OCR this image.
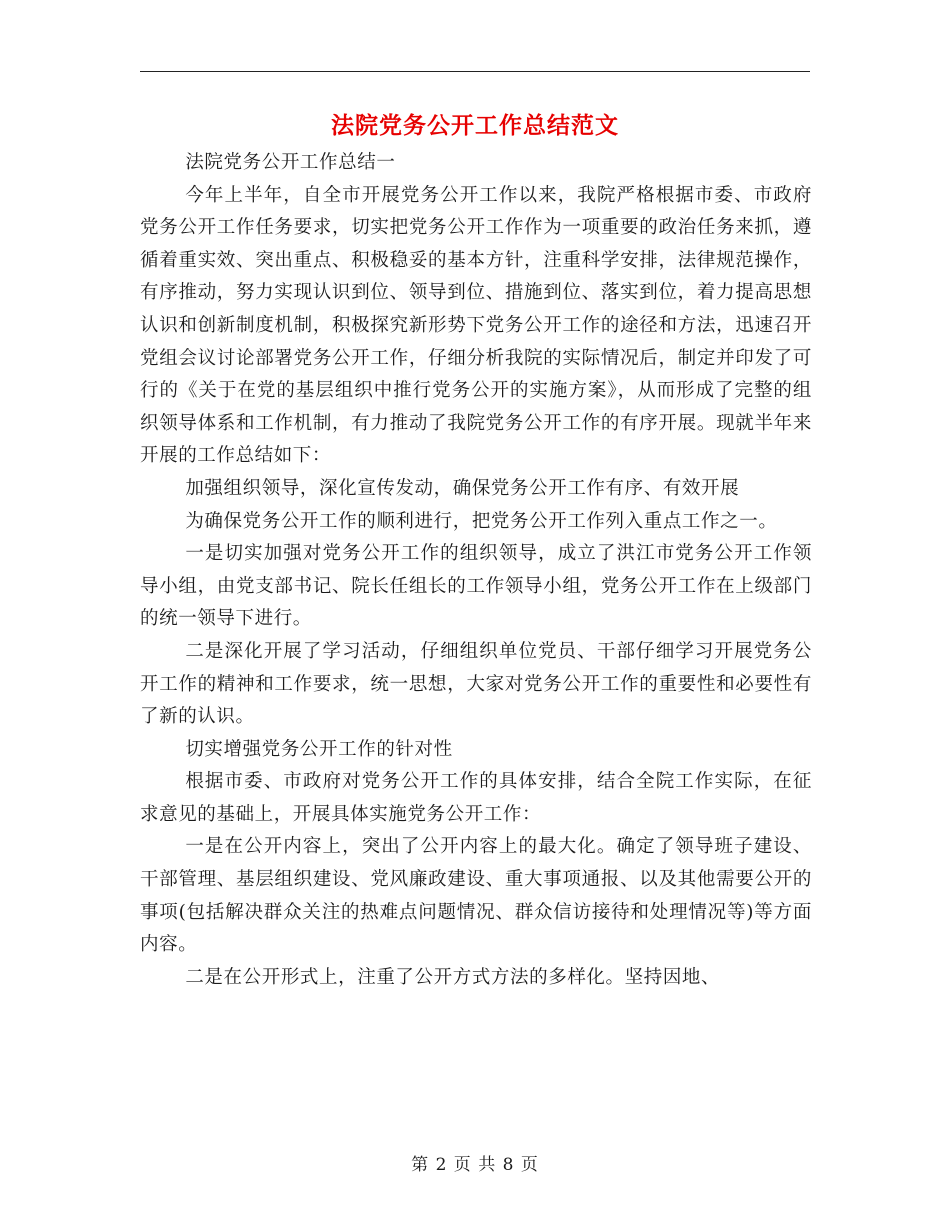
法院党务公开工作总结范文

法院党务公开工作总结一

今年上半年，自全市开展党务公开工作以来，我院严格根据市委、市政府党务公开工作任务要求，切实把党务公开工作作为一项重要的政治任务来抓，遵循着重实效、突出重点、积极稳妥的基本方针，注重科学安排，法律规范操作，有序推动，努力实现认识到位、领导到位、措施到位、落实到位，着力提高思想认识和创新制度机制，积极探究新形势下党务公开工作的途径和方法，迅速召开党组会议讨论部署党务公开工作，仔细分析我院的实际情况后，制定并印发了可行的《关于在党的基层组织中推行党务公开的实施方案》，从而形成了完整的组织领导体系和工作机制，有力推动了我院党务公开工作的有序开展。现就半年来开展的工作总结如下：

加强组织领导，深化宣传发动，确保党务公开工作有序、有效开展

为确保党务公开工作的顺利进行，把党务公开工作列入重点工作之一。

一是切实加强对党务公开工作的组织领导，成立了洪江市党务公开工作领导小组，由党支部书记、院长任组长的工作领导小组，党务公开工作在上级部门的统一领导下进行。

二是深化开展了学习活动，仔细组织单位党员、干部仔细学习开展党务公开工作的精神和工作要求，统一思想，大家对党务公开工作的重要性和必要性有了新的认识。

切实增强党务公开工作的针对性

根据市委、市政府对党务公开工作的具体安排，结合全院工作实际，在征求意见的基础上，开展具体实施党务公开工作：

一是在公开内容上，突出了公开内容上的最大化。确定了领导班子建设、干部管理、基层组织建设、党风廉政建设、重大事项通报、以及其他需要公开的事项(包括解决群众关注的热难点问题情况、群众信访接待和处理情况等)等方面内容。

二是在公开形式上，注重了公开方式方法的多样化。坚持因地、

第 2 页 共 8 页
